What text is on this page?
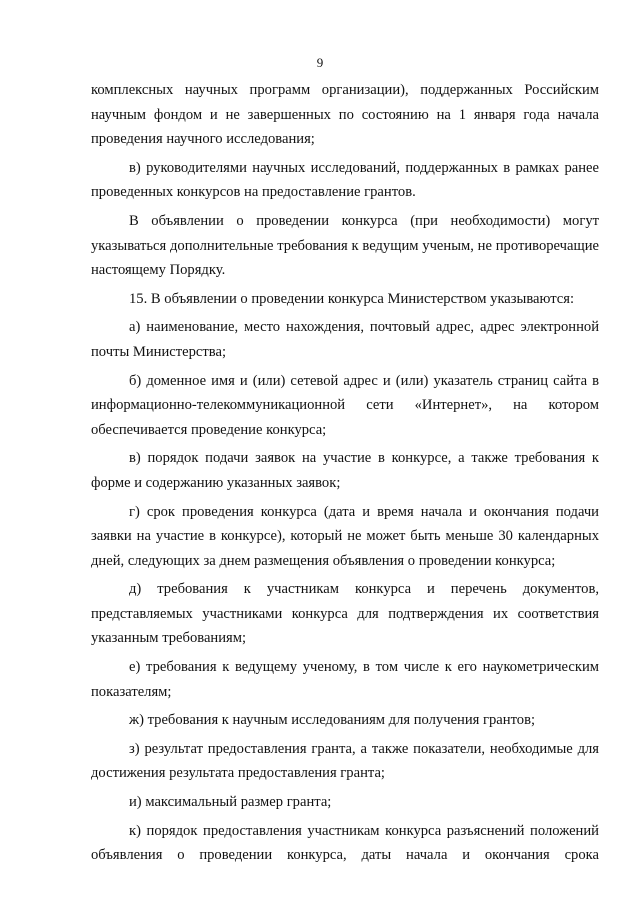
9

комплексных научных программ организации), поддержанных Российским научным фондом и не завершенных по состоянию на 1 января года начала проведения научного исследования;

в) руководителями научных исследований, поддержанных в рамках ранее проведенных конкурсов на предоставление грантов.

В объявлении о проведении конкурса (при необходимости) могут указываться дополнительные требования к ведущим ученым, не противоречащие настоящему Порядку.

15. В объявлении о проведении конкурса Министерством указываются:

а) наименование, место нахождения, почтовый адрес, адрес электронной почты Министерства;

б) доменное имя и (или) сетевой адрес и (или) указатель страниц сайта в информационно-телекоммуникационной сети «Интернет», на котором обеспечивается проведение конкурса;

в) порядок подачи заявок на участие в конкурсе, а также требования к форме и содержанию указанных заявок;

г) срок проведения конкурса (дата и время начала и окончания подачи заявки на участие в конкурсе), который не может быть меньше 30 календарных дней, следующих за днем размещения объявления о проведении конкурса;

д) требования к участникам конкурса и перечень документов, представляемых участниками конкурса для подтверждения их соответствия указанным требованиям;

е) требования к ведущему ученому, в том числе к его наукометрическим показателям;

ж) требования к научным исследованиям для получения грантов;

з) результат предоставления гранта, а также показатели, необходимые для достижения результата предоставления гранта;

и) максимальный размер гранта;

к) порядок предоставления участникам конкурса разъяснений положений объявления о проведении конкурса, даты начала и окончания срока
